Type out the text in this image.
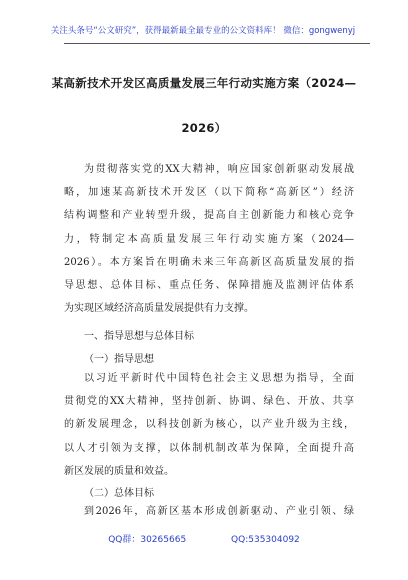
关注头条号“公文研究”，获得最新最全最专业的公文资料库！ 微信：gongwenyj
某高新技术开发区高质量发展三年行动实施方案（2024—
2026）
为贯彻落实党的XX大精神，响应国家创新驱动发展战
略，加速某高新技术开发区（以下简称“高新区”）经济
结构调整和产业转型升级，提高自主创新能力和核心竞争
力，特制定本高质量发展三年行动实施方案（2024—
2026）。本方案旨在明确未来三年高新区高质量发展的指
导思想、总体目标、重点任务、保障措施及监测评估体系
为实现区域经济高质量发展提供有力支撑。
一、指导思想与总体目标
（一）指导思想
以习近平新时代中国特色社会主义思想为指导，全面
贯彻党的XX大精神，坚持创新、协调、绿色、开放、共享
的新发展理念，以科技创新为核心，以产业升级为主线，
以人才引领为支撑，以体制机制改革为保障，全面提升高
新区发展的质量和效益。
（二）总体目标
到2026年，高新区基本形成创新驱动、产业引领、绿
QQ群：30265665	QQ:535304092
